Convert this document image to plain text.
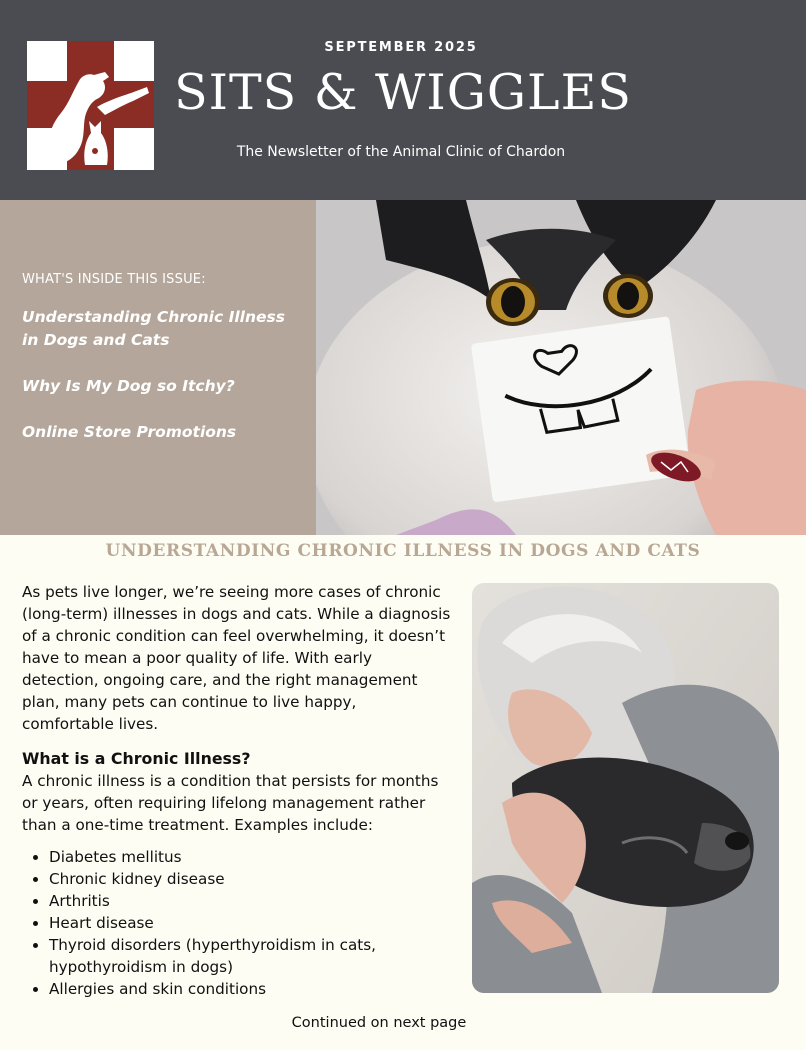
SEPTEMBER 2025
SITS & WIGGLES
The Newsletter of the Animal Clinic of Chardon
WHAT'S INSIDE THIS ISSUE:
Understanding Chronic Illness in Dogs and Cats
Why Is My Dog so Itchy?
Online Store Promotions
UNDERSTANDING CHRONIC ILLNESS IN DOGS AND CATS

As pets live longer, we’re seeing more cases of chronic (long-term) illnesses in dogs and cats. While a diagnosis of a chronic condition can feel overwhelming, it doesn’t have to mean a poor quality of life. With early detection, ongoing care, and the right management plan, many pets can continue to live happy, comfortable lives.

What is a Chronic Illness?

A chronic illness is a condition that persists for months or years, often requiring lifelong management rather than a one-time treatment. Examples include:

• Diabetes mellitus
• Chronic kidney disease
• Arthritis
• Heart disease
• Thyroid disorders (hyperthyroidism in cats, hypothyroidism in dogs)
• Allergies and skin conditions
Continued on next page
